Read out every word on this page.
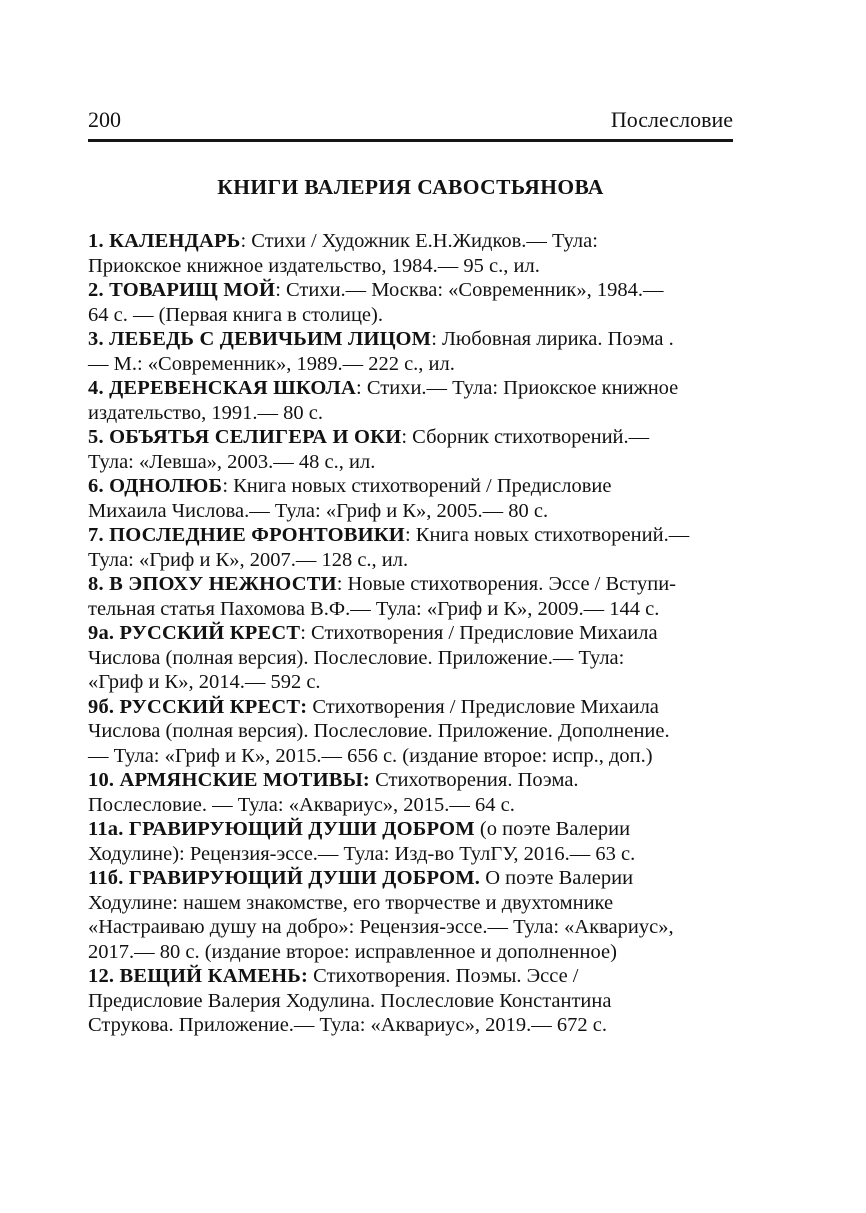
200	Послесловие
КНИГИ ВАЛЕРИЯ САВОСТЬЯНОВА
1. КАЛЕНДАРЬ: Стихи / Художник Е.Н.Жидков.— Тула:
Приокское книжное издательство, 1984.— 95 с., ил.
2. ТОВАРИЩ МОЙ: Стихи.— Москва: «Современник», 1984.—
64 с. — (Первая книга в столице).
3. ЛЕБЕДЬ С ДЕВИЧЬИМ ЛИЦОМ: Любовная лирика. Поэма .
— М.: «Современник», 1989.— 222 с., ил.
4. ДЕРЕВЕНСКАЯ ШКОЛА: Стихи.— Тула: Приокское книжное
издательство, 1991.— 80 с.
5. ОБЪЯТЬЯ СЕЛИГЕРА И ОКИ: Сборник стихотворений.—
Тула: «Левша», 2003.— 48 с., ил.
6. ОДНОЛЮБ: Книга новых стихотворений / Предисловие
Михаила Числова.— Тула: «Гриф и К», 2005.— 80 с.
7. ПОСЛЕДНИЕ ФРОНТОВИКИ: Книга новых стихотворений.—
Тула: «Гриф и К», 2007.— 128 с., ил.
8. В ЭПОХУ НЕЖНОСТИ: Новые стихотворения. Эссе / Вступи-
тельная статья Пахомова В.Ф.— Тула: «Гриф и К», 2009.— 144 с.
9а. РУССКИЙ КРЕСТ: Стихотворения / Предисловие Михаила
Числова (полная версия). Послесловие. Приложение.— Тула:
«Гриф и К», 2014.— 592 с.
9б. РУССКИЙ КРЕСТ: Стихотворения / Предисловие Михаила
Числова (полная версия). Послесловие. Приложение. Дополнение.
— Тула: «Гриф и К», 2015.— 656 с. (издание второе: испр., доп.)
10. АРМЯНСКИЕ МОТИВЫ: Стихотворения. Поэма.
Послесловие. — Тула: «Аквариус», 2015.— 64 с.
11а. ГРАВИРУЮЩИЙ ДУШИ ДОБРОМ (о поэте Валерии
Ходулине): Рецензия-эссе.— Тула: Изд-во ТулГУ, 2016.— 63 с.
11б. ГРАВИРУЮЩИЙ ДУШИ ДОБРОМ. О поэте Валерии
Ходулине: нашем знакомстве, его творчестве и двухтомнике
«Настраиваю душу на добро»: Рецензия-эссе.— Тула: «Аквариус»,
2017.— 80 с. (издание второе: исправленное и дополненное)
12. ВЕЩИЙ КАМЕНЬ: Стихотворения. Поэмы. Эссе /
Предисловие Валерия Ходулина. Послесловие Константина
Струкова. Приложение.— Тула: «Аквариус», 2019.— 672 с.
